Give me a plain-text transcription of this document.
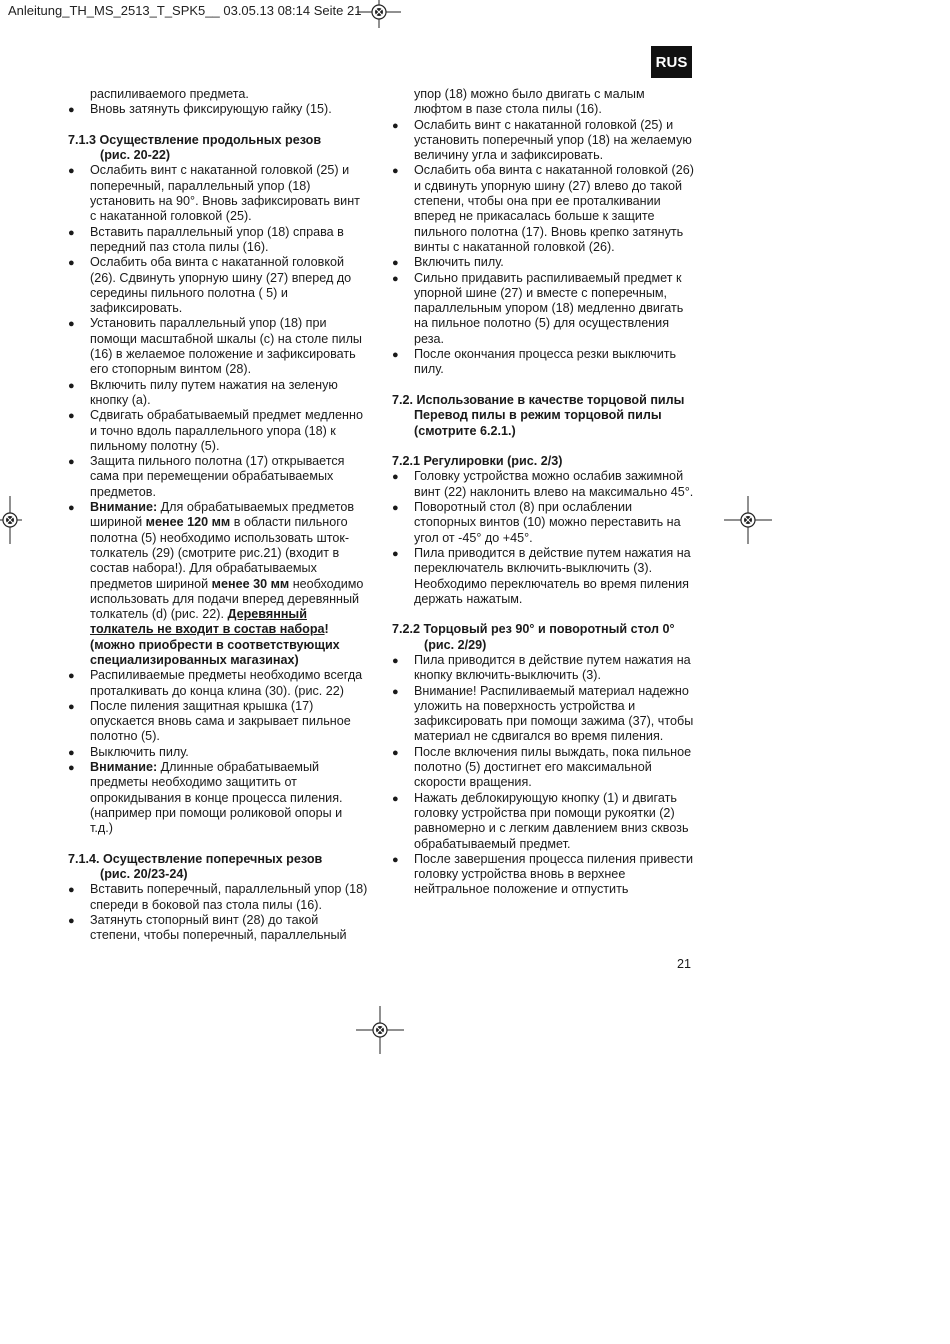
Anleitung_TH_MS_2513_T_SPK5__ 03.05.13 08:14 Seite 21
RUS

распиливаемого предмета.

● Вновь затянуть фиксирующую гайку (15).

7.1.3 Осуществление продольных резов
(рис. 20-22)

● Ослабить винт с накатанной головкой (25) и поперечный, параллельный упор (18) установить на 90°. Вновь зафиксировать винт с накатанной головкой (25).

● Вставить параллельный упор (18) справа в передний паз стола пилы (16).

● Ослабить оба винта с накатанной головкой (26). Сдвинуть упорную шину (27) вперед до середины пильного полотна ( 5) и зафиксировать.

● Установить параллельный упор (18) при помощи масштабной шкалы (с) на столе пилы (16) в желаемое положение и зафиксировать его стопорным винтом (28).

● Включить пилу путем нажатия на зеленую кнопку (a).

● Сдвигать обрабатываемый предмет медленно и точно вдоль параллельного упора (18) к пильному полотну (5).

● Защита пильного полотна (17) открывается сама при перемещении обрабатываемых предметов.

● Внимание: Для обрабатываемых предметов шириной менее 120 мм в области пильного полотна (5) необходимо использовать шток-толкатель (29) (смотрите рис.21) (входит в состав набора!). Для обрабатываемых предметов шириной менее 30 мм необходимо использовать для подачи вперед деревянный толкатель (d) (рис. 22). Деревянный толкатель не входит в состав набора! (можно приобрести в соответствующих специализированных магазинах)

● Распиливаемые предметы необходимо всегда проталкивать до конца клина (30). (рис. 22)

● После пиления защитная крышка (17) опускается вновь сама и закрывает пильное полотно (5).

● Выключить пилу.

● Внимание: Длинные обрабатываемый предметы необходимо защитить от опрокидывания в конце процесса пиления. (например при помощи роликовой опоры и т.д.)

7.1.4. Осуществление поперечных резов
(рис. 20/23-24)

● Вставить поперечный, параллельный упор (18) спереди в боковой паз стола пилы (16).

● Затянуть стопорный винт (28) до такой степени, чтобы поперечный, параллельный

упор (18) можно было двигать с малым люфтом в пазе стола пилы (16).

● Ослабить винт с накатанной головкой (25) и установить поперечный упор (18) на желаемую величину угла и зафиксировать.

● Ослабить оба винта с накатанной головкой (26) и сдвинуть упорную шину (27) влево до такой степени, чтобы она при ее проталкивании вперед не прикасалась больше к защите пильного полотна (17). Вновь крепко затянуть винты с накатанной головкой (26).

● Включить пилу.

● Сильно придавить распиливаемый предмет к упорной шине (27) и вместе с поперечным, параллельным упором (18) медленно двигать на пильное полотно (5) для осуществления реза.

● После окончания процесса резки выключить пилу.

7.2. Использование в качестве торцовой пилы
Перевод пилы в режим торцовой пилы
(смотрите 6.2.1.)
7.2.1 Регулировки (рис. 2/3)

● Головку устройства можно ослабив зажимной винт (22) наклонить влево на максимально 45°.

● Поворотный стол (8) при ослаблении стопорных винтов (10) можно переставить на угол от -45° до +45°.

● Пила приводится в действие путем нажатия на переключатель включить-выключить (3). Необходимо переключатель во время пиления держать нажатым.

7.2.2 Торцовый рез 90° и поворотный стол 0°
(рис. 2/29)

● Пила приводится в действие путем нажатия на кнопку включить-выключить (3).

● Внимание! Распиливаемый материал надежно уложить на поверхность устройства и зафиксировать при помощи зажима (37), чтобы материал не сдвигался во время пиления.

● После включения пилы выждать, пока пильное полотно (5) достигнет его максимальной скорости вращения.

● Нажать деблокирующую кнопку (1) и двигать головку устройства при помощи рукоятки (2) равномерно и с легким давлением вниз сквозь обрабатываемый предмет.

● После завершения процесса пиления привести головку устройства вновь в верхнее нейтральное положение и отпустить

21
